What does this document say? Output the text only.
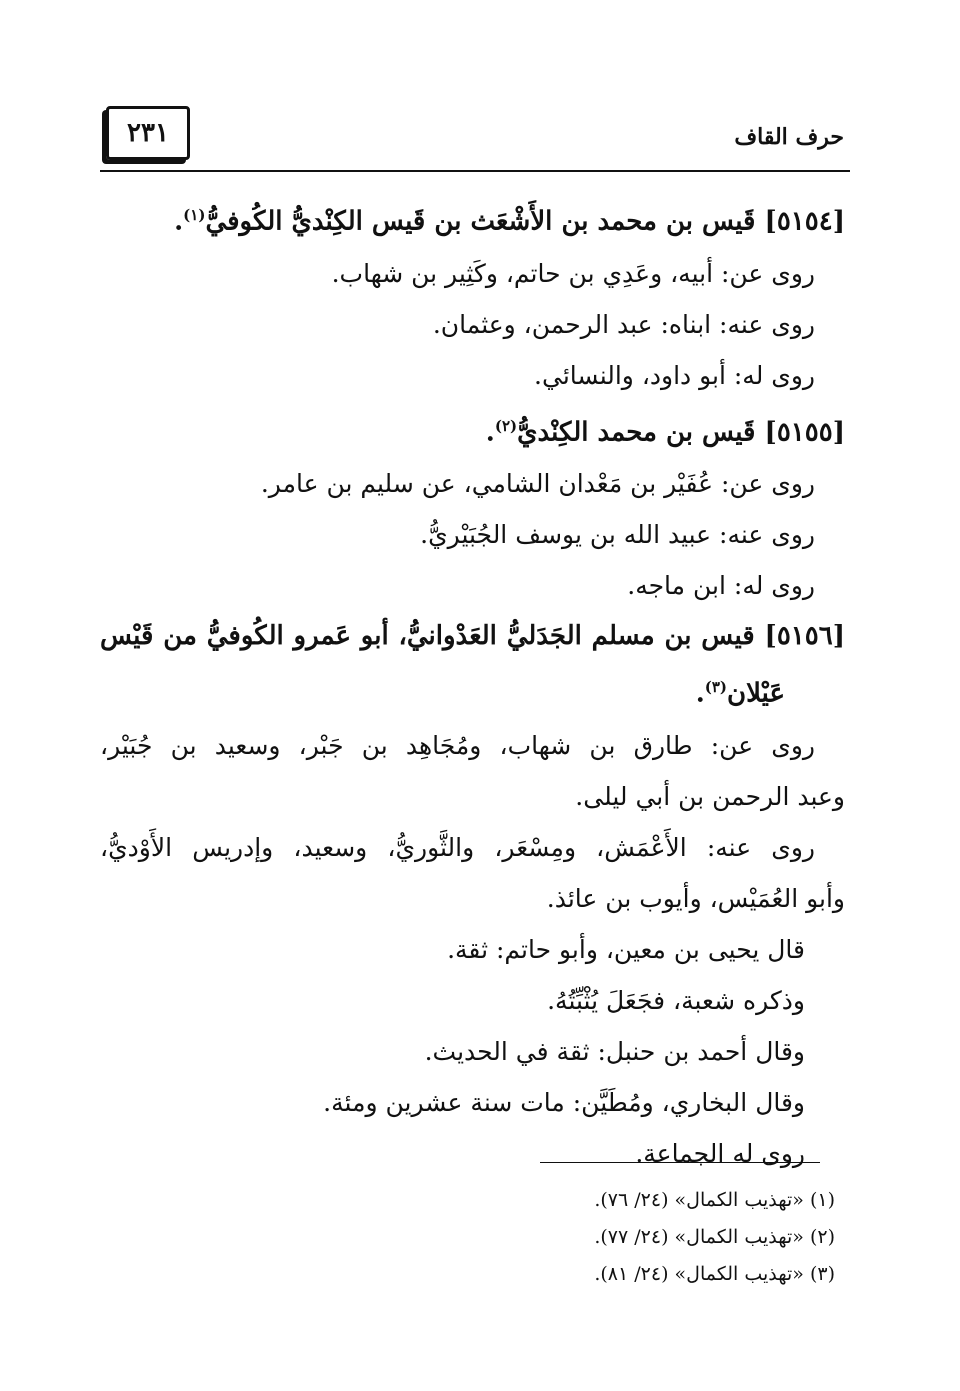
٢٣١	حرف القاف

[٥١٥٤] قَيس بن محمد بن الأَشْعَث بن قَيس الكِنْديُّ الكُوفيُّ$^{(١)}$.

روى عن: أبيه، وعَدِي بن حاتم، وكَثِير بن شهاب.

روى عنه: ابناه: عبد الرحمن، وعثمان.

روى له: أبو داود، والنسائي.

[٥١٥٥] قَيس بن محمد الكِنْديُّ$^{(٢)}$.

روى عن: عُفَيْر بن مَعْدان الشامي، عن سليم بن عامر.

روى عنه: عبيد الله بن يوسف الجُبَيْريُّ.

روى له: ابن ماجه.

[٥١٥٦] قيس بن مسلم الجَدَليُّ العَدْوانيُّ، أبو عَمرو الكُوفيُّ من قَيْس

عَيْلان$^{(٣)}$.

روى عن: طارق بن شهاب، ومُجَاهِد بن جَبْر، وسعيد بن جُبَيْر،

وعبد الرحمن بن أبي ليلى.

روى عنه: الأَعْمَش، ومِسْعَر، والثَّوريُّ، وسعيد، وإدريس الأَوْديُّ،

وأبو العُمَيْس، وأيوب بن عائذ.

قال يحيى بن معين، وأبو حاتم: ثقة.

وذكره شعبة، فجَعَلَ يُثْبِّتُهُ.

وقال أحمد بن حنبل: ثقة في الحديث.

وقال البخاري، ومُطَيَّن: مات سنة عشرين ومئة.

روى له الجماعة.

(١) «تهذيب الكمال» (٢٤/ ٧٦).

(٢) «تهذيب الكمال» (٢٤/ ٧٧).

(٣) «تهذيب الكمال» (٢٤/ ٨١).
